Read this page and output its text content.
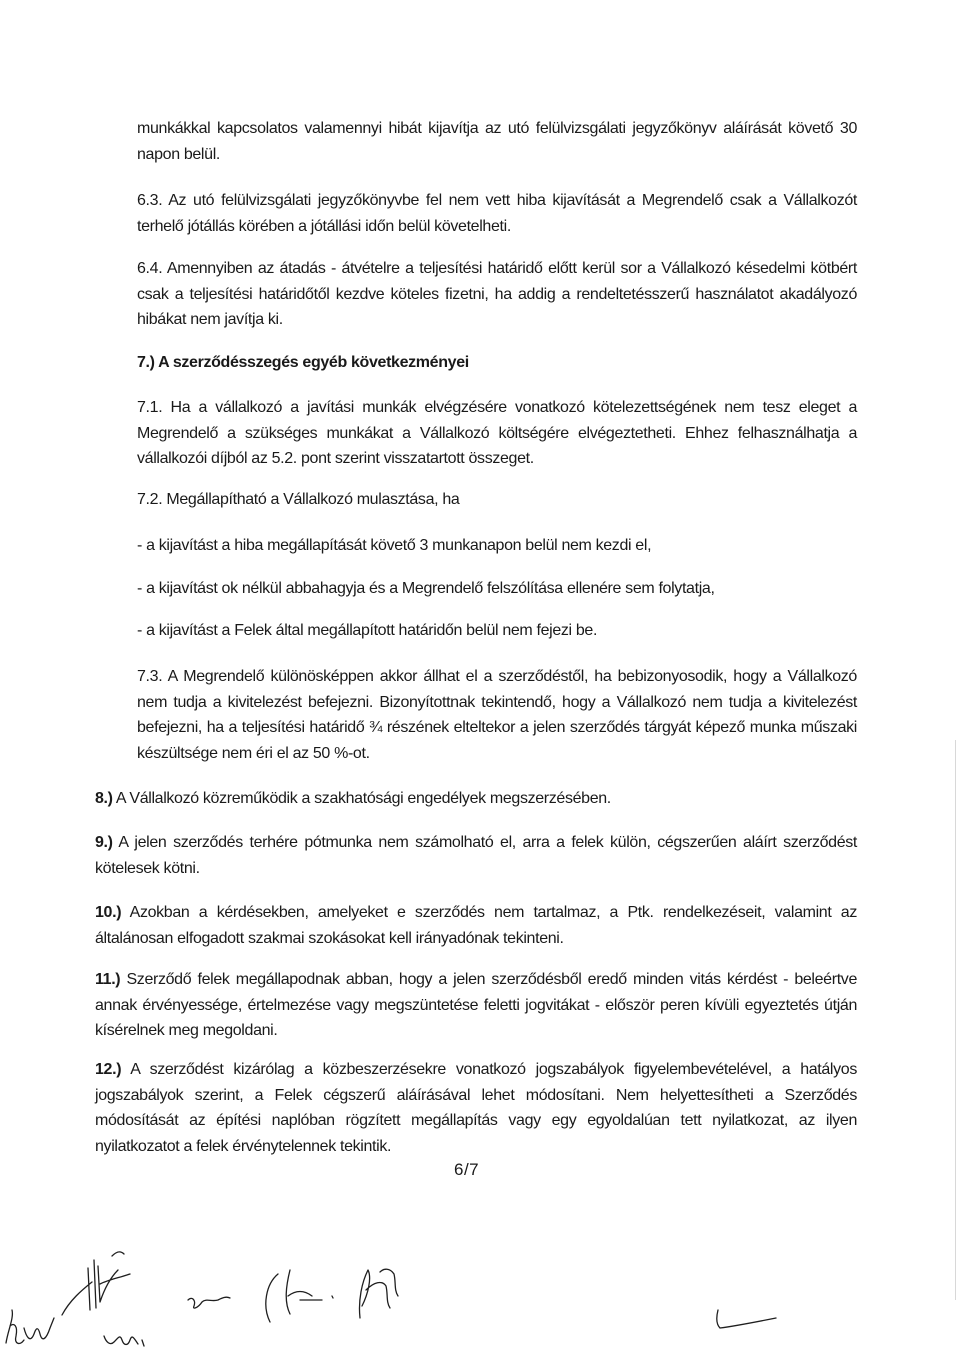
munkákkal kapcsolatos valamennyi hibát kijavítja az utó felülvizsgálati jegyzőkönyv aláírását követő 30 napon belül.
6.3. Az utó felülvizsgálati jegyzőkönyvbe fel nem vett hiba kijavítását a Megrendelő csak a Vállalkozót terhelő jótállás körében a jótállási időn belül követelheti.
6.4. Amennyiben az átadás - átvételre a teljesítési határidő előtt kerül sor a Vállalkozó késedelmi kötbért csak a teljesítési határidőtől kezdve köteles fizetni, ha addig a rendeltetésszerű használatot akadályozó hibákat nem javítja ki.
7.) A szerződésszegés egyéb következményei
7.1. Ha a vállalkozó a javítási munkák elvégzésére vonatkozó kötelezettségének nem tesz eleget a Megrendelő a szükséges munkákat a Vállalkozó költségére elvégeztetheti. Ehhez felhasználhatja a vállalkozói díjból az 5.2. pont szerint visszatartott összeget.
7.2. Megállapítható a Vállalkozó mulasztása, ha
- a kijavítást a hiba megállapítását követő 3 munkanapon belül nem kezdi el,
- a kijavítást ok nélkül abbahagyja és a Megrendelő felszólítása ellenére sem folytatja,
- a kijavítást a Felek által megállapított határidőn belül nem fejezi be.
7.3. A Megrendelő különösképpen akkor állhat el a szerződéstől, ha bebizonyosodik, hogy a Vállalkozó nem tudja a kivitelezést befejezni. Bizonyítottnak tekintendő, hogy a Vállalkozó nem tudja a kivitelezést befejezni, ha a teljesítési határidő ¾ részének elteltekor a jelen szerződés tárgyát képező munka műszaki készültsége nem éri el az 50 %-ot.
8.) A Vállalkozó közreműködik a szakhatósági engedélyek megszerzésében.
9.) A jelen szerződés terhére pótmunka nem számolható el, arra a felek külön, cégszerűen aláírt szerződést kötelesek kötni.
10.) Azokban a kérdésekben, amelyeket e szerződés nem tartalmaz, a Ptk. rendelkezéseit, valamint az általánosan elfogadott szakmai szokásokat kell irányadónak tekinteni.
11.) Szerződő felek megállapodnak abban, hogy a jelen szerződésből eredő minden vitás kérdést - beleértve annak érvényessége, értelmezése vagy megszüntetése feletti jogvitákat - először peren kívüli egyeztetés útján kísérelnek meg megoldani.
12.) A szerződést kizárólag a közbeszerzésekre vonatkozó jogszabályok figyelembevételével, a hatályos jogszabályok szerint, a Felek cégszerű aláírásával lehet módosítani. Nem helyettesítheti a Szerződés módosítását az építési naplóban rögzített megállapítás vagy egy egyoldalúan tett nyilatkozat, az ilyen nyilatkozatot a felek érvénytelennek tekintik.
6/7
